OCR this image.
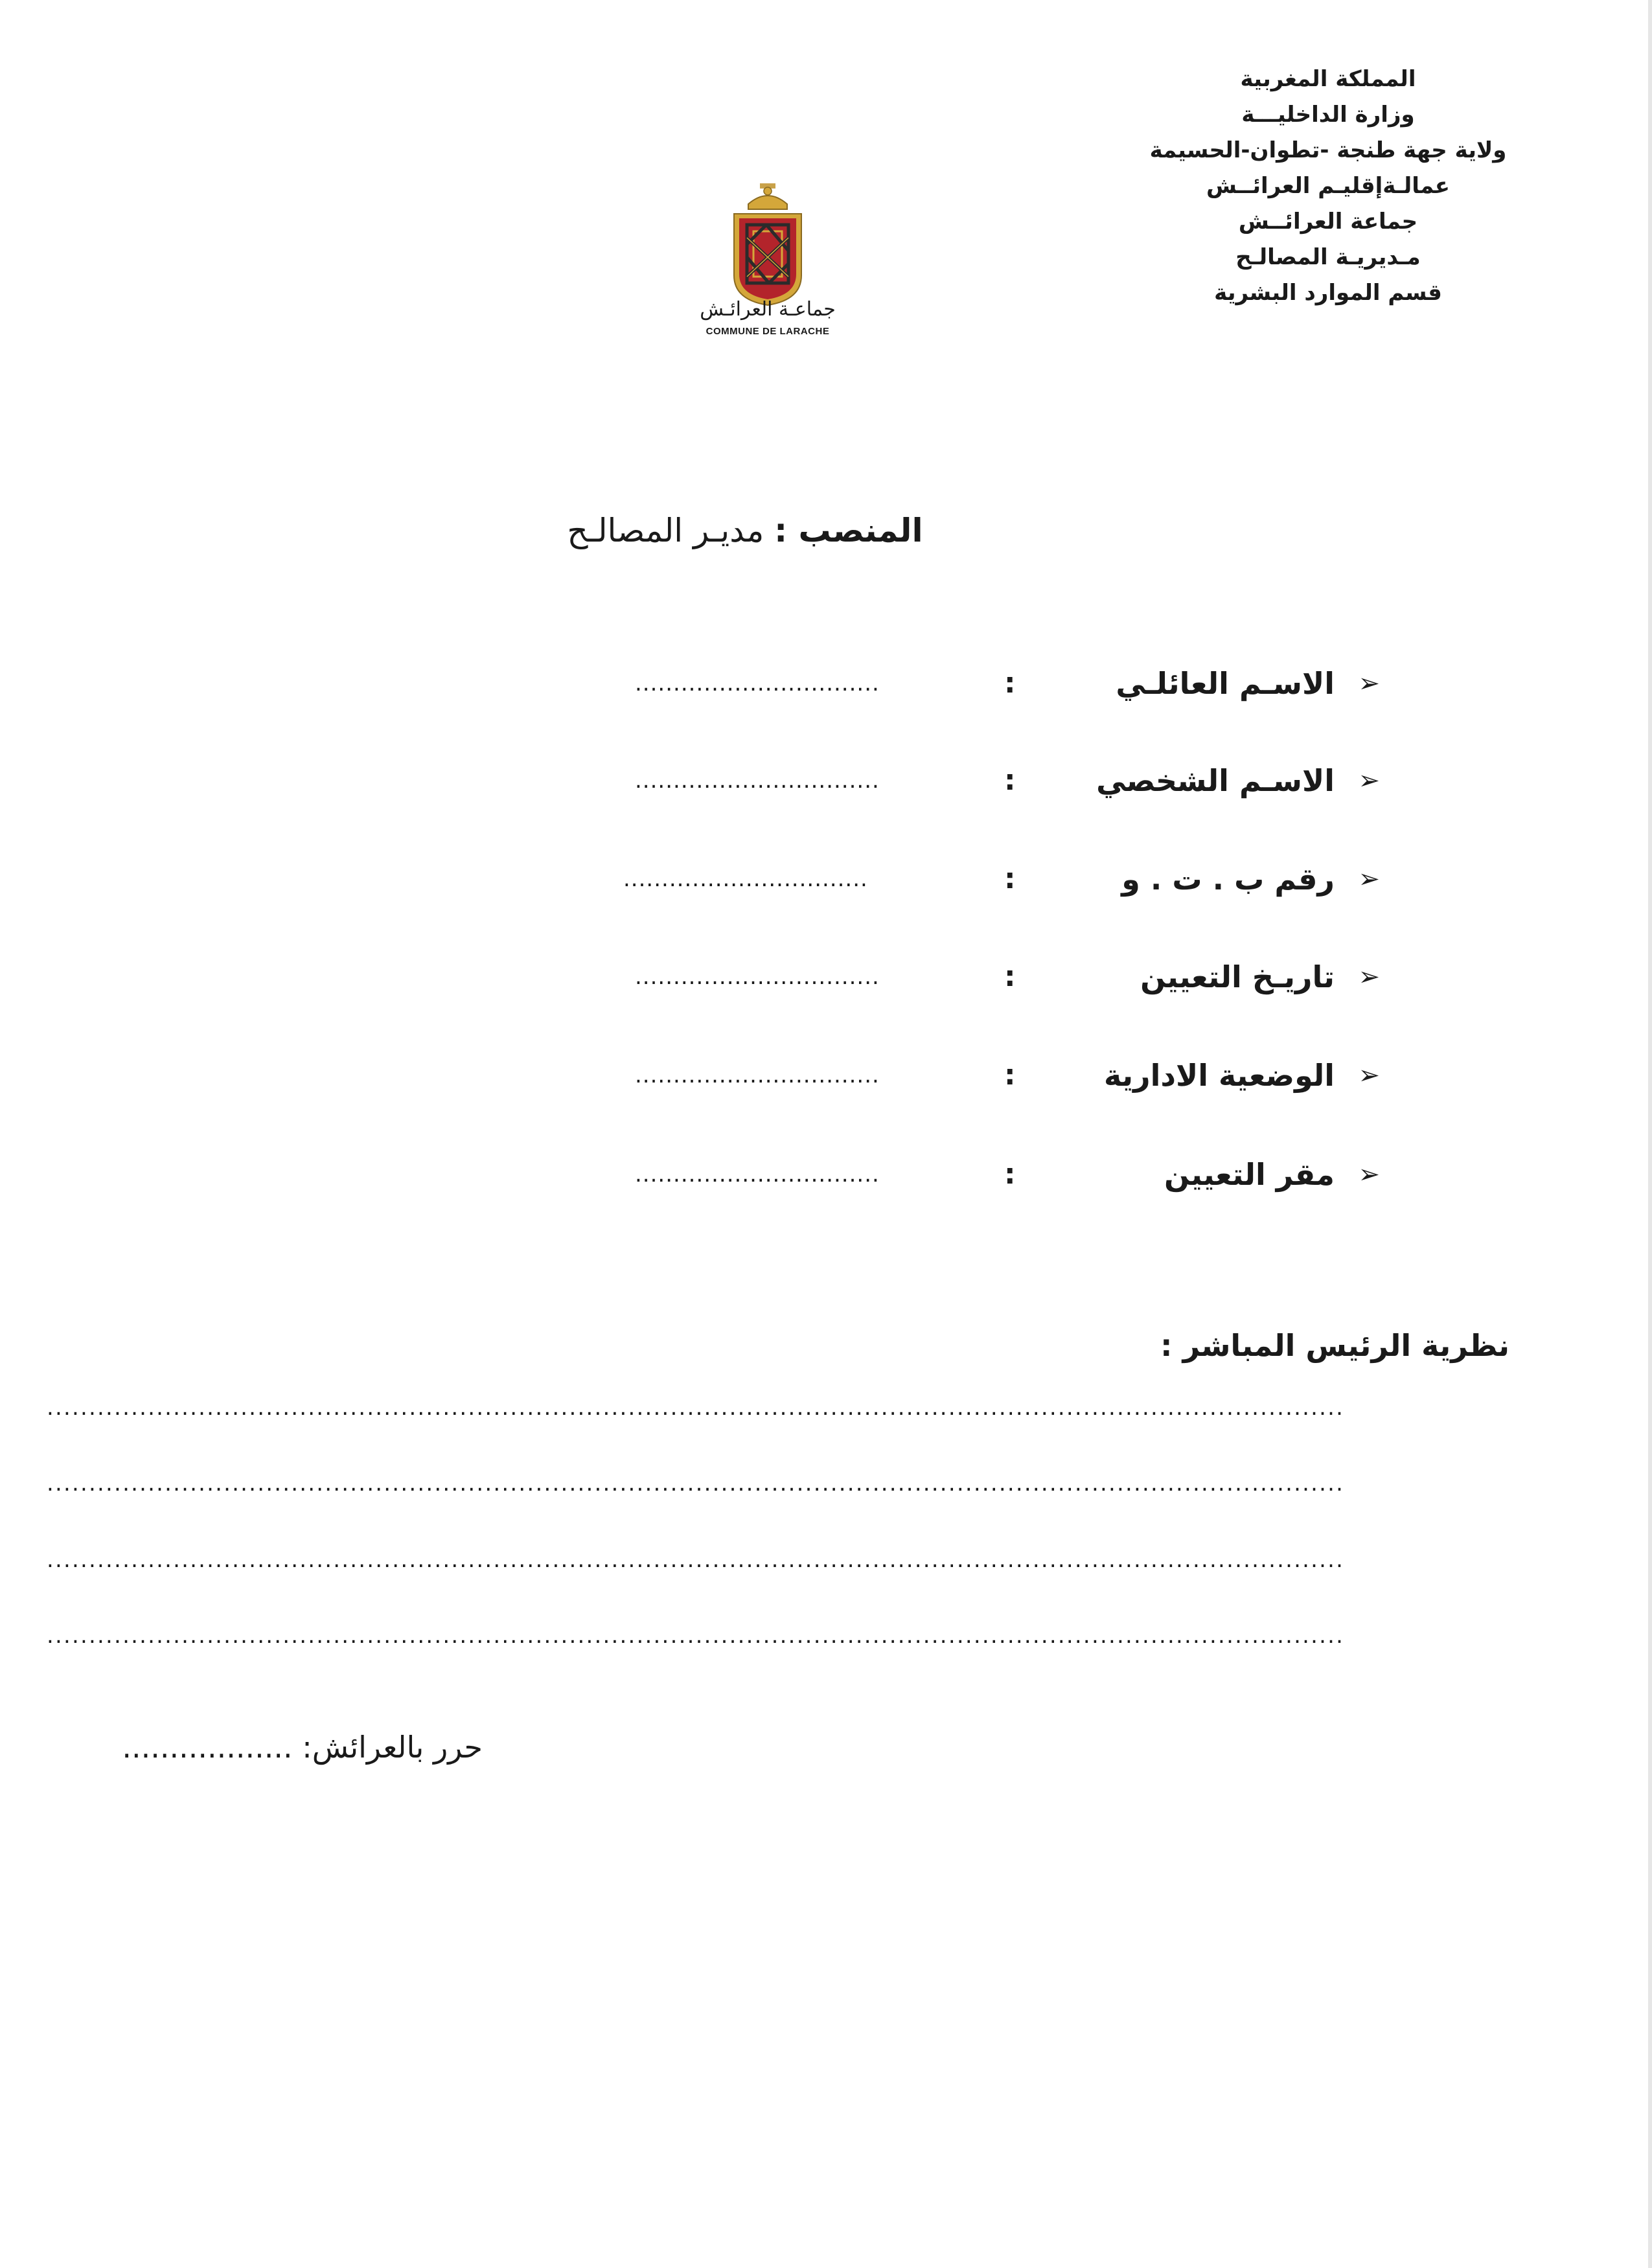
المملكة المغربية
وزارة الداخليـــة
ولاية جهة طنجة -تطوان-الحسيمة
عمالـةإقليـم العرائــش
جماعة العرائــش
مـديريـة المصالـح
قسم الموارد البشرية
جماعـة العرائـش
COMMUNE DE LARACHE
المنصب : مديـر المصالـح
➢
الاسـم العائلـي
:
................................
➢
الاسـم الشخصي
:
................................
➢
رقم ب . ت . و
:
................................
➢
تاريـخ التعيين
:
................................
➢
الوضعية الادارية
:
................................
➢
مقر التعيين
:
................................
نظرية الرئيس المباشر :
..........................................................................................................................................................
..........................................................................................................................................................
..........................................................................................................................................................
..........................................................................................................................................................
حرر بالعرائش: ..................
